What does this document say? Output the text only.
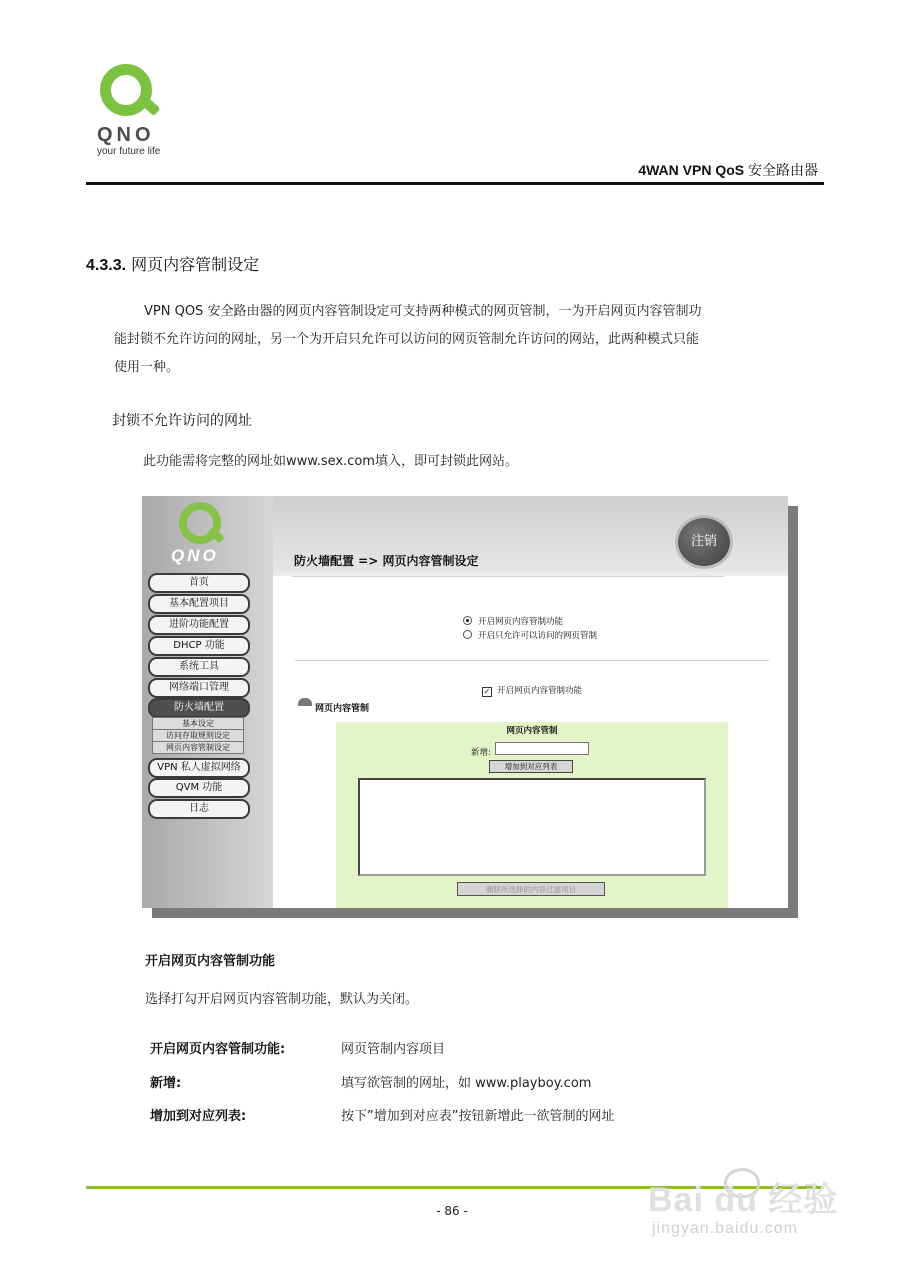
QNO
your future life
4WAN VPN QoS 安全路由器
4.3.3. 网页内容管制设定
VPN QOS 安全路由器的网页内容管制设定可支持两种模式的网页管制，一为开启网页内容管制功
能封锁不允许访问的网址，另一个为开启只允许可以访问的网页管制允许访问的网站，此两种模式只能
使用一种。
封锁不允许访问的网址
此功能需将完整的网址如www.sex.com填入，即可封锁此网站。
QNO
注销
防火墙配置 => 网页内容管制设定
首页
基本配置项目
进阶功能配置
DHCP 功能
系统工具
网络端口管理
防火墙配置
基本设定
访问存取规则设定
网页内容管制设定
VPN 私人虚拟网络
QVM 功能
日志
开启网页内容管制功能
开启只允许可以访问的网页管制
✓ 开启网页内容管制功能
网页内容管制
网页内容管制
新增:
增加到对应列表
删除所选择的内容过滤项目
开启网页内容管制功能
选择打勾开启网页内容管制功能，默认为关闭。
开启网页内容管制功能:	网页管制内容项目
新增:	填写欲管制的网址，如 www.playboy.com
增加到对应列表:	按下”增加到对应表”按钮新增此一欲管制的网址
- 86 -	Bai du 经验
jingyan.baidu.com
